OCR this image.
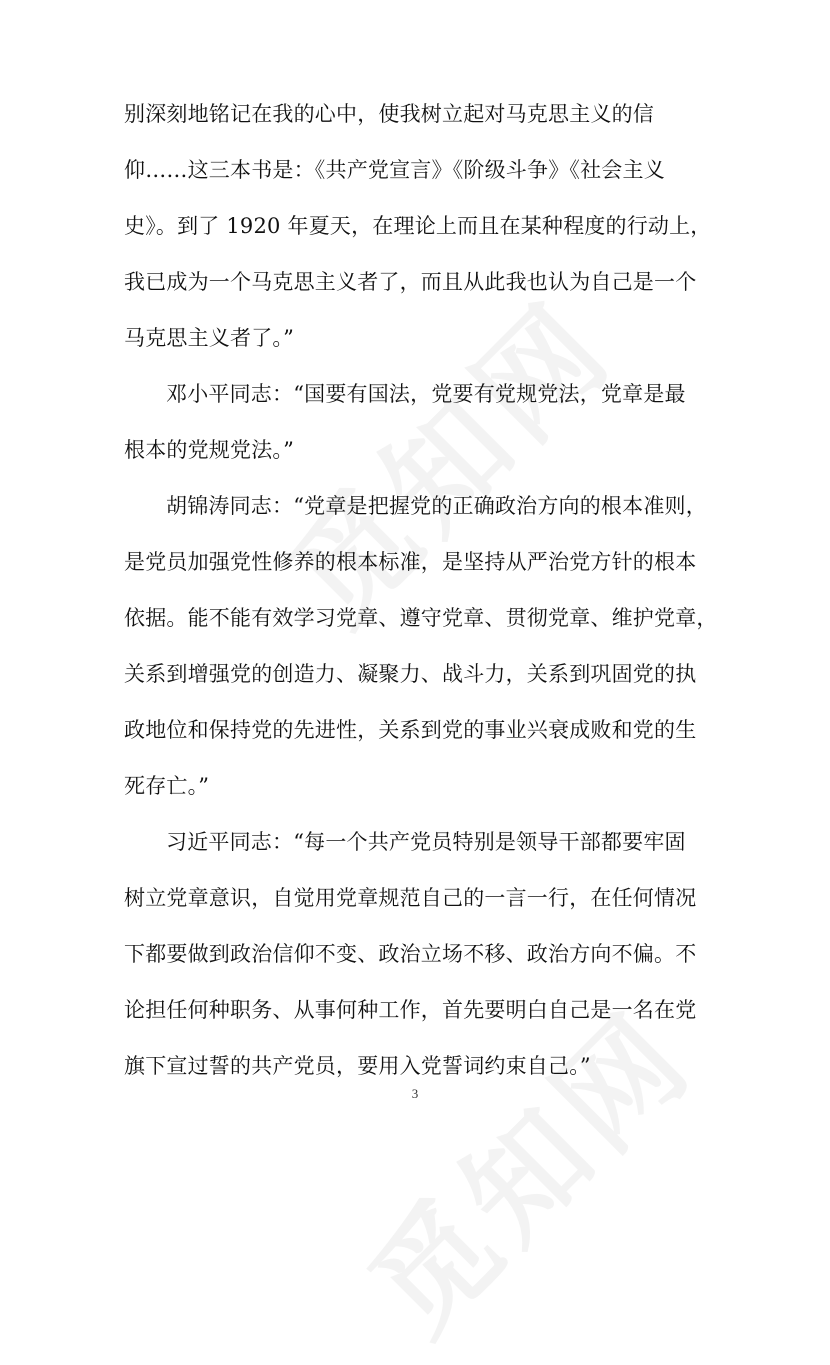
别深刻地铭记在我的心中，使我树立起对马克思主义的信
仰……这三本书是：《共产党宣言》《阶级斗争》《社会主义
史》。到了 1920 年夏天，在理论上而且在某种程度的行动上，
我已成为一个马克思主义者了，而且从此我也认为自己是一个
马克思主义者了。”
邓小平同志：“国要有国法，党要有党规党法，党章是最
根本的党规党法。”
胡锦涛同志：“党章是把握党的正确政治方向的根本准则，
是党员加强党性修养的根本标准，是坚持从严治党方针的根本
依据。能不能有效学习党章、遵守党章、贯彻党章、维护党章，
关系到增强党的创造力、凝聚力、战斗力，关系到巩固党的执
政地位和保持党的先进性，关系到党的事业兴衰成败和党的生
死存亡。”
习近平同志：“每一个共产党员特别是领导干部都要牢固
树立党章意识，自觉用党章规范自己的一言一行，在任何情况
下都要做到政治信仰不变、政治立场不移、政治方向不偏。不
论担任何种职务、从事何种工作，首先要明白自己是一名在党
旗下宣过誓的共产党员，要用入党誓词约束自己。”
3
